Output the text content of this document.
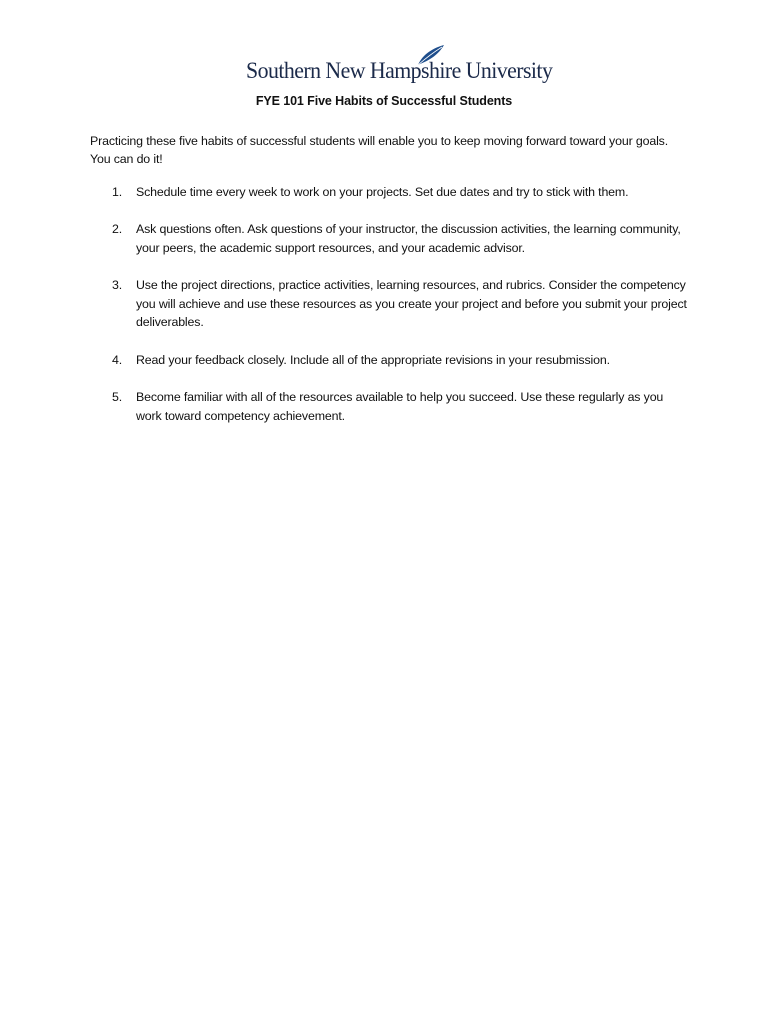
Southern New Hampshire University
FYE 101 Five Habits of Successful Students
Practicing these five habits of successful students will enable you to keep moving forward toward your goals. You can do it!
1. Schedule time every week to work on your projects. Set due dates and try to stick with them.
2. Ask questions often. Ask questions of your instructor, the discussion activities, the learning community, your peers, the academic support resources, and your academic advisor.
3. Use the project directions, practice activities, learning resources, and rubrics. Consider the competency you will achieve and use these resources as you create your project and before you submit your project deliverables.
4. Read your feedback closely. Include all of the appropriate revisions in your resubmission.
5. Become familiar with all of the resources available to help you succeed. Use these regularly as you work toward competency achievement.
